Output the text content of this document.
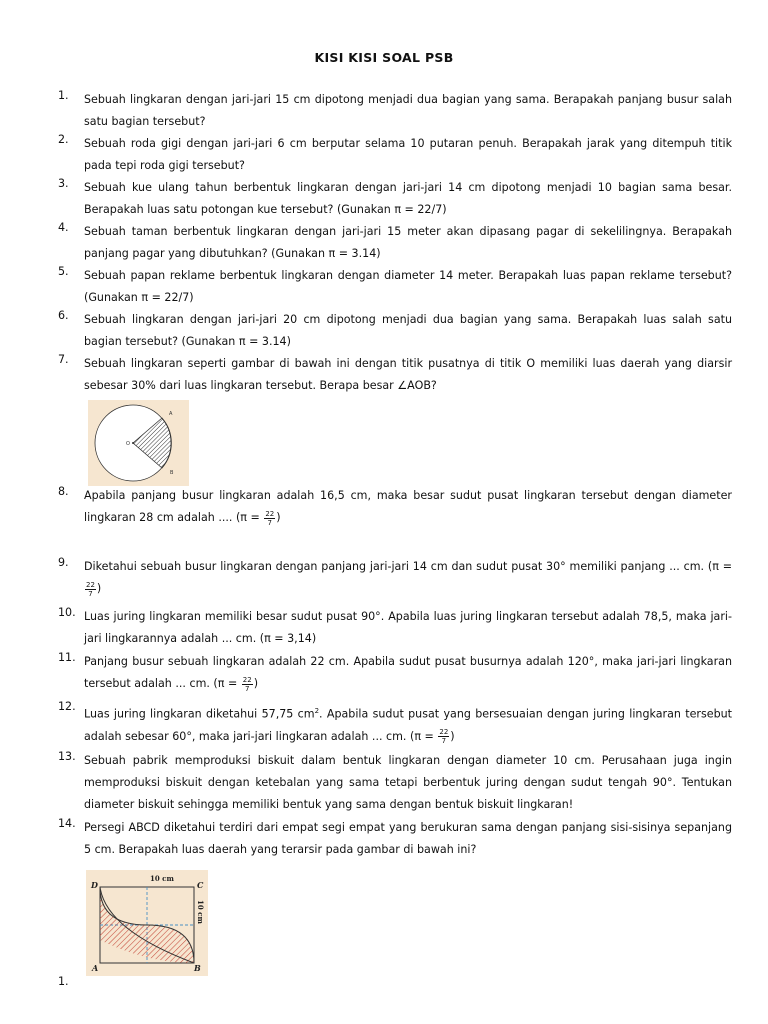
KISI KISI SOAL PSB
1. Sebuah lingkaran dengan jari-jari 15 cm dipotong menjadi dua bagian yang sama. Berapakah panjang busur salah satu bagian tersebut?
2. Sebuah roda gigi dengan jari-jari 6 cm berputar selama 10 putaran penuh. Berapakah jarak yang ditempuh titik pada tepi roda gigi tersebut?
3. Sebuah kue ulang tahun berbentuk lingkaran dengan jari-jari 14 cm dipotong menjadi 10 bagian sama besar. Berapakah luas satu potongan kue tersebut? (Gunakan π = 22/7)
4. Sebuah taman berbentuk lingkaran dengan jari-jari 15 meter akan dipasang pagar di sekelilingnya. Berapakah panjang pagar yang dibutuhkan? (Gunakan π = 3.14)
5. Sebuah papan reklame berbentuk lingkaran dengan diameter 14 meter. Berapakah luas papan reklame tersebut? (Gunakan π = 22/7)
6. Sebuah lingkaran dengan jari-jari 20 cm dipotong menjadi dua bagian yang sama. Berapakah luas salah satu bagian tersebut? (Gunakan π = 3.14)
7. Sebuah lingkaran seperti gambar di bawah ini dengan titik pusatnya di titik O memiliki luas daerah yang diarsir sebesar 30% dari luas lingkaran tersebut. Berapa besar ∠AOB?
O
A
B
8. Apabila panjang busur lingkaran adalah 16,5 cm, maka besar sudut pusat lingkaran tersebut dengan diameter lingkaran 28 cm adalah .... ($\pi = \frac{22}{7}$ )
9. Diketahui sebuah busur lingkaran dengan panjang jari-jari 14 cm dan sudut pusat 30° memiliki panjang ... cm. (π =
$\frac{22}{7}$ )
10. Luas juring lingkaran memiliki besar sudut pusat 90°. Apabila luas juring lingkaran tersebut adalah 78,5, maka jari-jari lingkarannya adalah ... cm. (π = 3,14)
11. Panjang busur sebuah lingkaran adalah 22 cm. Apabila sudut pusat busurnya adalah 120°, maka jari-jari lingkaran tersebut adalah ... cm. ($\pi = \frac{22}{7}$ )
12.
Luas juring lingkaran diketahui 57,75 $cm^2$. Apabila sudut pusat yang bersesuaian dengan juring lingkaran tersebut adalah sebesar 60°, maka jari-jari lingkaran adalah ... cm. ($\pi = \frac{22}{7}$ )
13. Sebuah pabrik memproduksi biskuit dalam bentuk lingkaran dengan diameter 10 cm. Perusahaan juga ingin memproduksi biskuit dengan ketebalan yang sama tetapi berbentuk juring dengan sudut tengah 90°. Tentukan diameter biskuit sehingga memiliki bentuk yang sama dengan bentuk biskuit lingkaran!
14. Persegi ABCD diketahui terdiri dari empat segi empat yang berukuran sama dengan panjang sisi-sisinya sepanjang 5 cm. Berapakah luas daerah yang terarsir pada gambar di bawah ini?
D	C
A	B
10 cm
10 cm
1.
